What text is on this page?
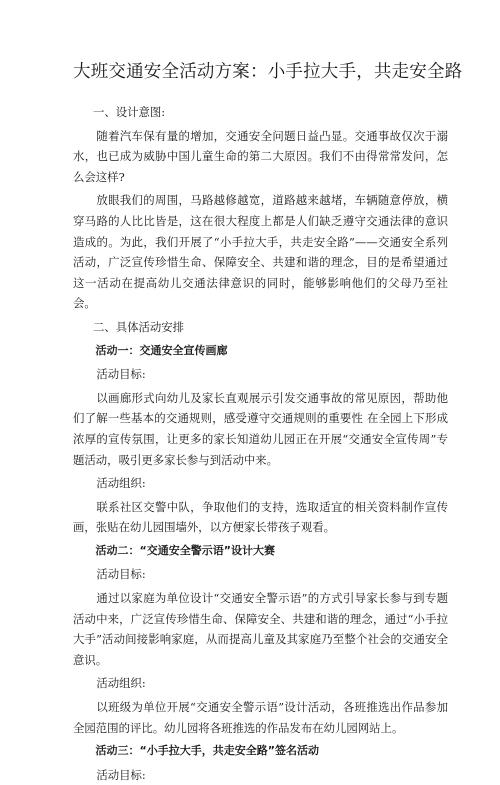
大班交通安全活动方案：小手拉大手，共走安全路

一、设计意图:

随着汽车保有量的增加，交通安全问题日益凸显。交通事故仅次于溺水，也已成为威胁中国儿童生命的第二大原因。我们不由得常常发问，怎么会这样?

放眼我们的周围，马路越修越宽，道路越来越堵，车辆随意停放，横穿马路的人比比皆是，这在很大程度上都是人们缺乏遵守交通法律的意识造成的。为此，我们开展了“小手拉大手，共走安全路”——交通安全系列活动，广泛宣传珍惜生命、保障安全、共建和谐的理念，目的是希望通过这一活动在提高幼儿交通法律意识的同时，能够影响他们的父母乃至社会。

二、具体活动安排

活动一：交通安全宣传画廊

活动目标:

以画廊形式向幼儿及家长直观展示引发交通事故的常见原因，帮助他们了解一些基本的交通规则，感受遵守交通规则的重要性 在全园上下形成浓厚的宣传氛围，让更多的家长知道幼儿园正在开展“交通安全宣传周”专题活动，吸引更多家长参与到活动中来。

活动组织:

联系社区交警中队，争取他们的支持，选取适宜的相关资料制作宣传画，张贴在幼儿园围墙外，以方便家长带孩子观看。

活动二：“交通安全警示语”设计大赛

活动目标:

通过以家庭为单位设计“交通安全警示语”的方式引导家长参与到专题活动中来，广泛宣传珍惜生命、保障安全、共建和谐的理念，通过“小手拉大手”活动间接影响家庭，从而提高儿童及其家庭乃至整个社会的交通安全意识。

活动组织:

以班级为单位开展“交通安全警示语”设计活动，各班推选出作品参加全园范围的评比。幼儿园将各班推选的作品发布在幼儿园网站上。

活动三：“小手拉大手，共走安全路”签名活动

活动目标:
